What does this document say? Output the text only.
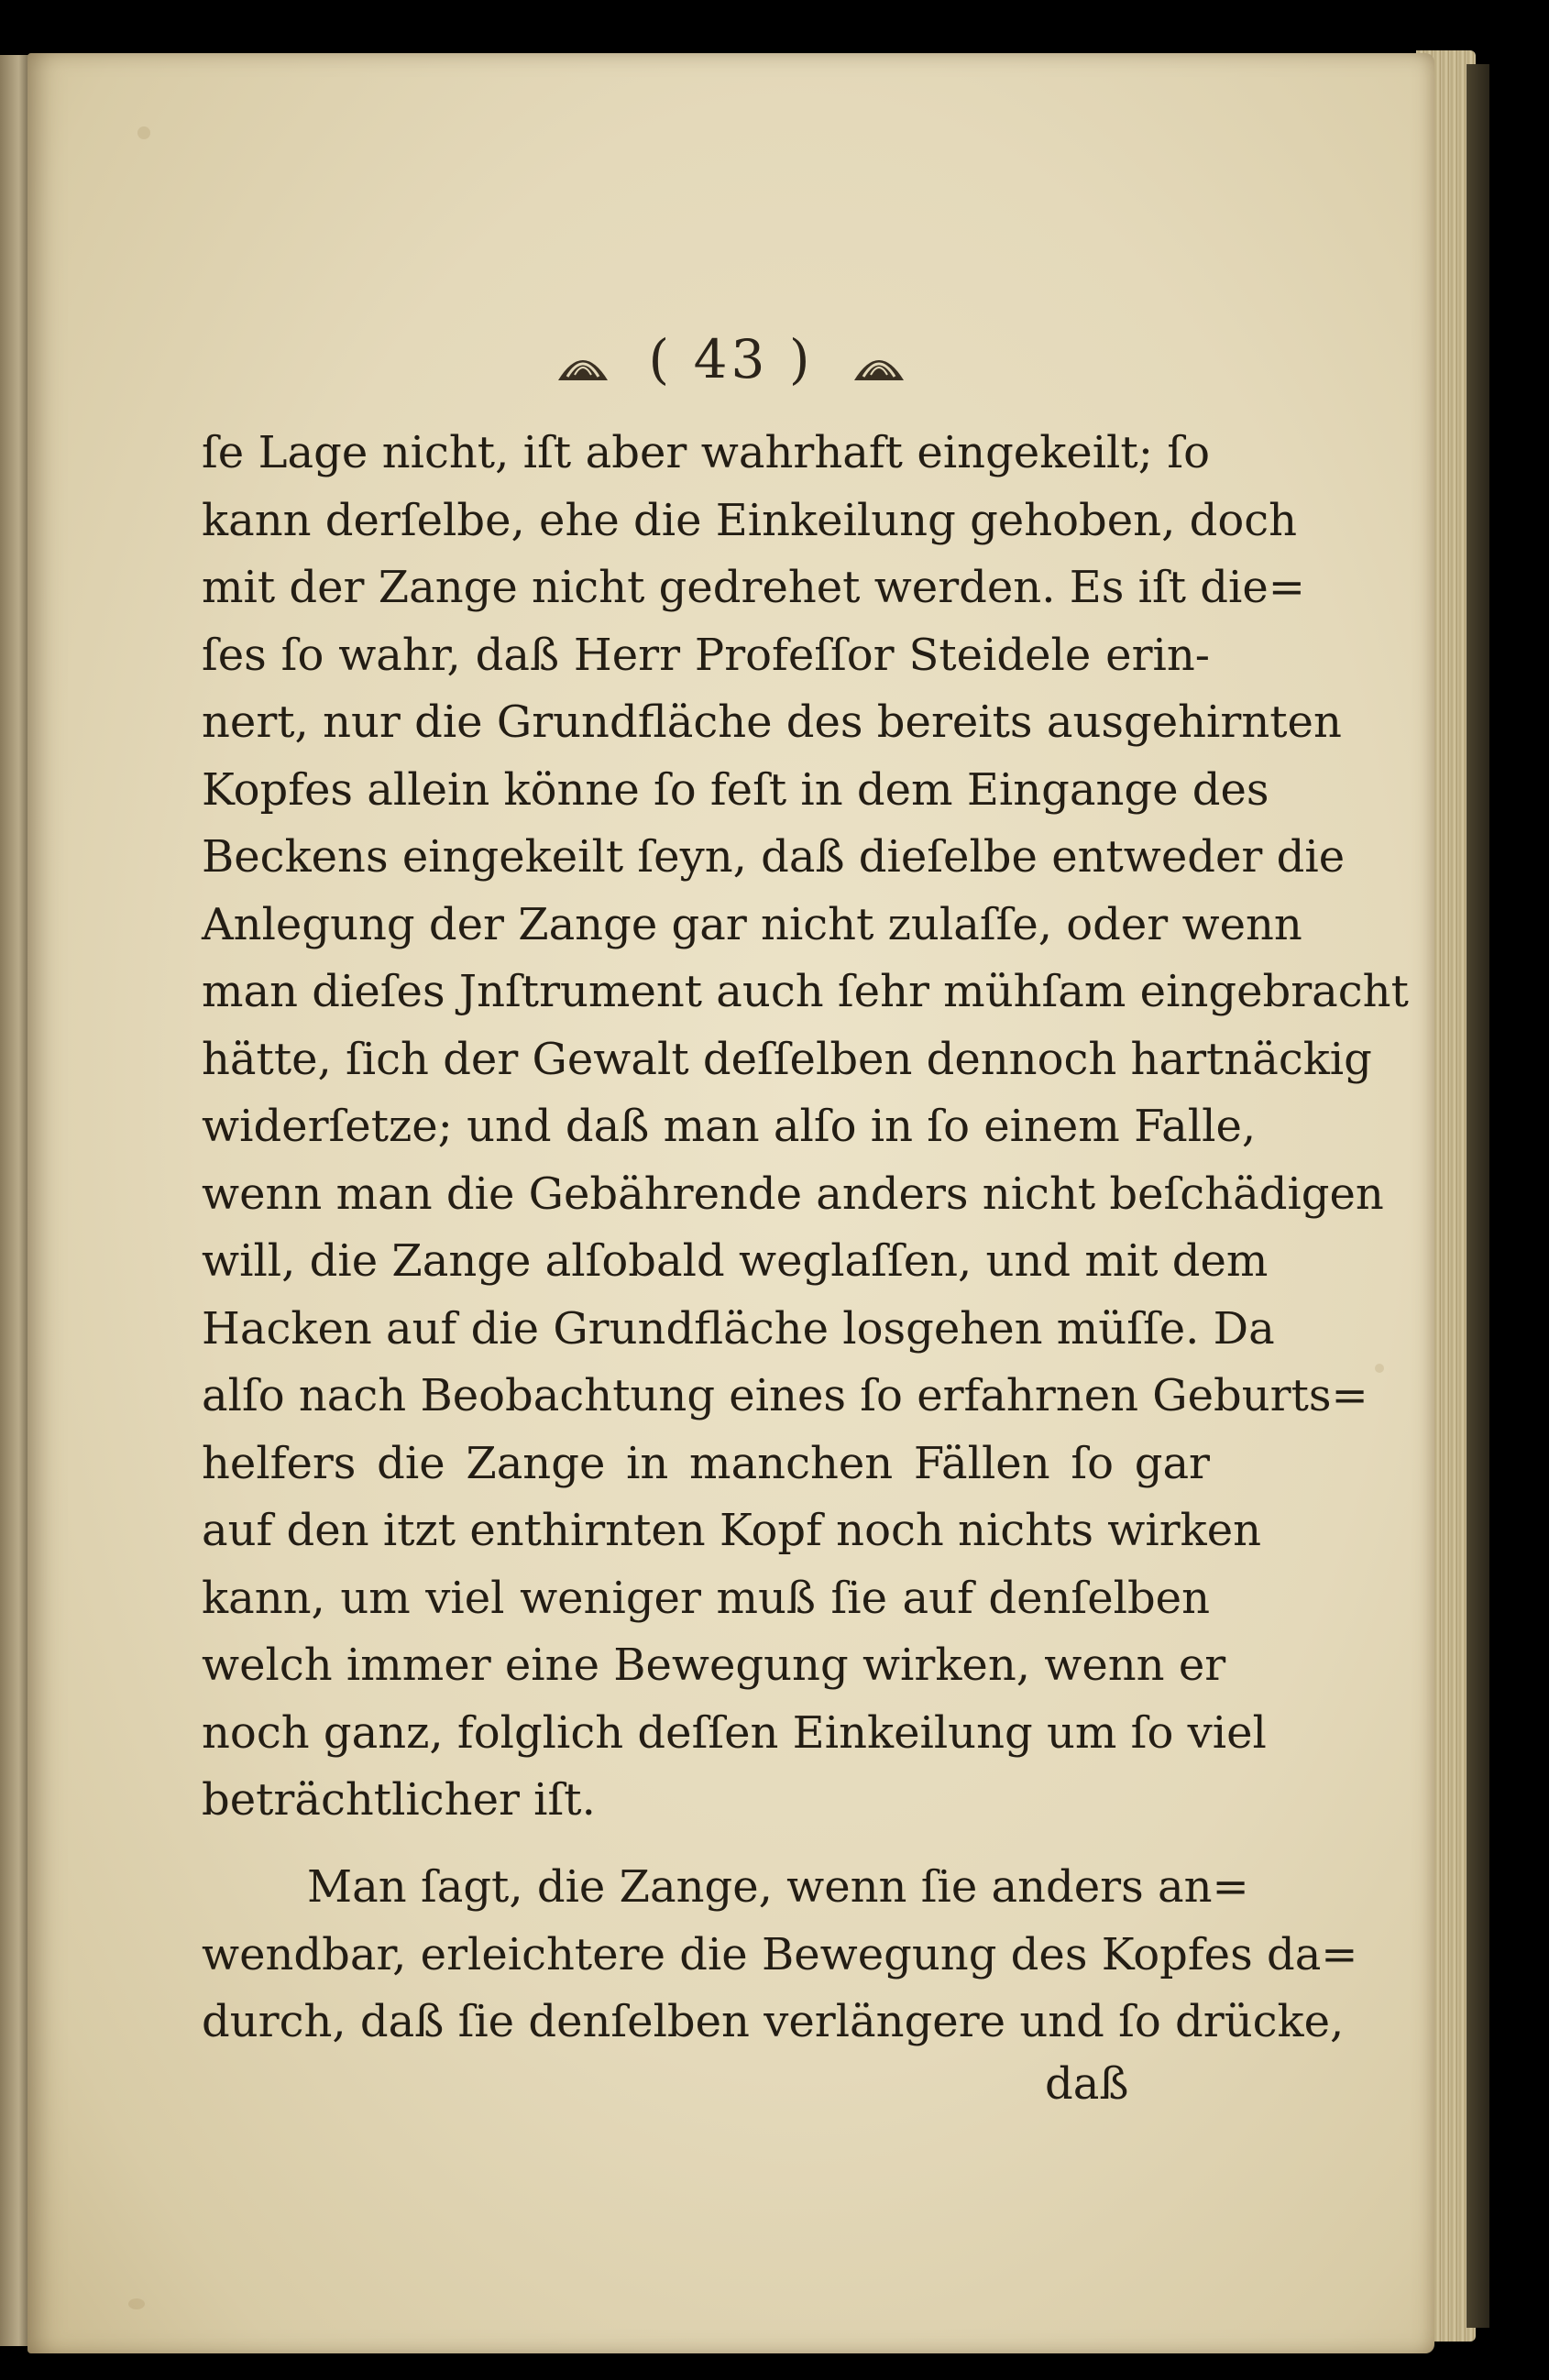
( 43 )
ſe Lage nicht, iſt aber wahrhaft eingekeilt; ſo
kann derſelbe, ehe die Einkeilung gehoben, doch
mit der Zange nicht gedrehet werden. Es iſt die=
ſes ſo wahr, daß Herr Profeſſor Steidele erin‑
nert, nur die Grundfläche des bereits ausgehirnten
Kopfes allein könne ſo feſt in dem Eingange des
Beckens eingekeilt ſeyn, daß dieſelbe entweder die
Anlegung der Zange gar nicht zulaſſe, oder wenn
man dieſes Jnſtrument auch ſehr mühſam eingebracht
hätte, ſich der Gewalt deſſelben dennoch hartnäckig
widerſetze; und daß man alſo in ſo einem Falle,
wenn man die Gebährende anders nicht beſchädigen
will, die Zange alſobald weglaſſen, und mit dem
Hacken auf die Grundfläche losgehen müſſe. Da
alſo nach Beobachtung eines ſo erfahrnen Geburts=
helfers die Zange in manchen Fällen ſo gar
auf den itzt enthirnten Kopf noch nichts wirken
kann, um viel weniger muß ſie auf denſelben
welch immer eine Bewegung wirken, wenn er
noch ganz, folglich deſſen Einkeilung um ſo viel
beträchtlicher iſt.
Man ſagt, die Zange, wenn ſie anders an=
wendbar, erleichtere die Bewegung des Kopfes da=
durch, daß ſie denſelben verlängere und ſo drücke,
daß
